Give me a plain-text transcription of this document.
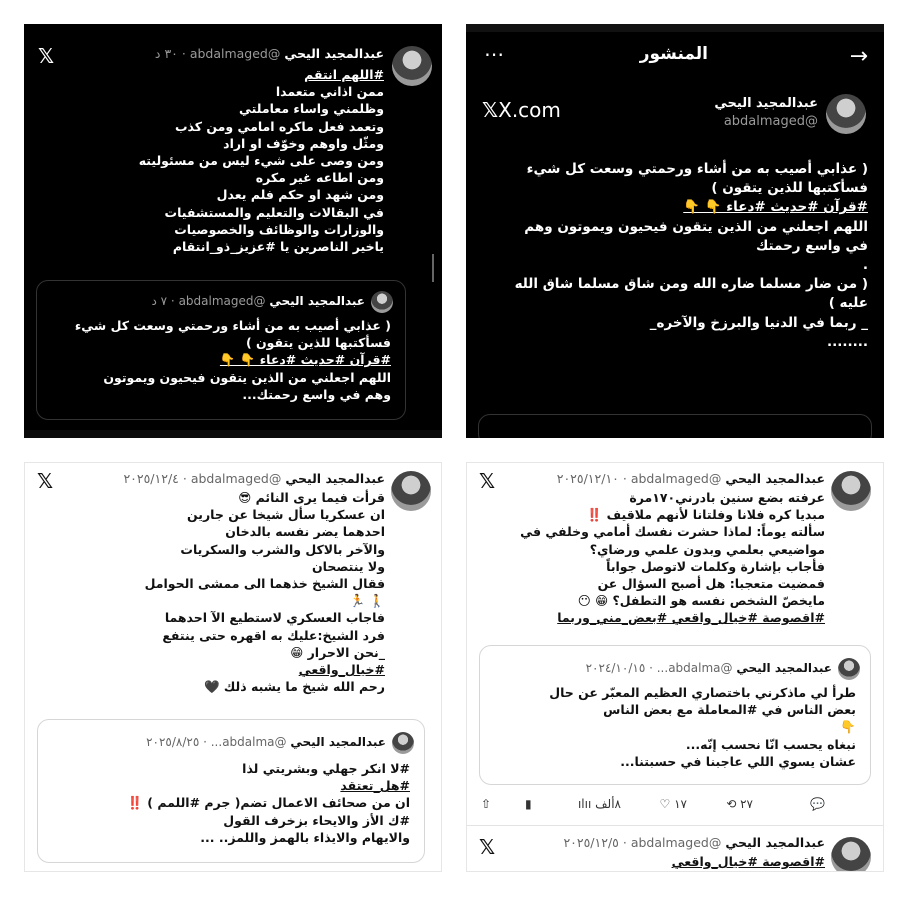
𝕏	عبدالمجيد اليحي @abdalmaged · ٣٠ د
#اللهم انتقم
ممن اذاني متعمدا
وظلمني واساء معاملتي
وتعمد فعل ماكره امامي ومن كذب
ومثّل واوهم وخوّف او اراد
ومن وصى على شيء ليس من مسئوليته
ومن اطاعه غير مكره
ومن شهد او حكم فلم يعدل
في البقالات والتعليم والمستشفيات
والوزارات والوظائف والخصوصيات
ياخير الناصرين يا #عزيز_ذو_انتقام
عبدالمجيد اليحي @abdalmaged · ٧ د
( عذابي أصيب به من أشاء ورحمتي وسعت كل شيء
فسأكتبها للذين يتقون )
#قرآن #حديث #دعاء 👇 👇
اللهم اجعلني من الذين يتقون فيحيون ويموتون
وهم في واسع رحمتك...
→
المنشور
⋯
𝕏X.com	عبدالمجيد اليحي
@abdalmaged
( عذابي أصيب به من أشاء ورحمتي وسعت كل شيء
فسأكتبها للذين يتقون )
#قرآن #حديث #دعاء 👇 👇
اللهم اجعلني من الذين يتقون فيحيون ويموتون وهم
في واسع رحمتك
.
( من ضار مسلما ضاره الله ومن شاق مسلما شاق الله
عليه )
_ ربما في الدنيا والبرزخ والآخره_
........
𝕏	عبدالمجيد اليحي @abdalmaged · ٢٠٢٥/١٢/٤
قرأت فيما يرى النائم 😎
ان عسكريا سأل شيخا عن جارين
احدهما يضر نفسه بالدخان
والآخر بالاكل والشرب والسكريات
ولا ينتصحان
فقال الشيخ خذهما الى ممشى الحوامل
🚶 🏃
فاجاب العسكري لاستطيع الآ احدهما
فرد الشيخ:عليك به اقهره حتى ينتفع
_نحن الاحرار 😁
#خيال_واقعي
رحم الله شيخ ما يشبه ذلك 🖤
عبدالمجيد اليحي @abdalma... · ٢٠٢٥/٨/٢٥
#لا انكر جهلي وبشريتي لذا
#هل_تعتقد
ان من صحائف الاعمال تضم( جرم #اللمم ) ‼️
#ك الأز والايحاء بزخرف القول
والايهام والايذاء بالهمز واللمز.. ...
𝕏	عبدالمجيد اليحي @abdalmaged · ٢٠٢٥/١٢/١٠
عرفته بضع سنين بادرني١٧٠مرة
مبديا كره فلانا وفلتانا لأنهم ملاقيف ‼️
سألته يوماً: لماذا حشرت نفسك أمامي وخلفي في
مواضيعي بعلمي وبدون علمي ورضاي؟
فأجاب بإشارة وكلمات لاتوصل جواباً
فمضيت متعجبا: هل أصبح السؤال عن
مايخصّ الشخص نفسه هو التطفل؟ 😁 😶
#اقصوصة #خيال_واقعي #بعض_مني_وربما
عبدالمجيد اليحي @abdalma... · ٢٠٢٤/١٠/١٥
طرأ لي ماذكرني باختصاري العظيم المعبّر عن حال
بعض الناس في #المعاملة مع بعض الناس
👇
نبغاه يحسب انّا نحسب إنّه...
عشان يسوي اللي عاجبنا في حسبتنا...
💬
⟲ ٢٧
♡ ١٧
ılıı ٨ألف
▮
⇧
𝕏	عبدالمجيد اليحي @abdalmaged · ٢٠٢٥/١٢/٥
#اقصوصة #خيال_واقعي
